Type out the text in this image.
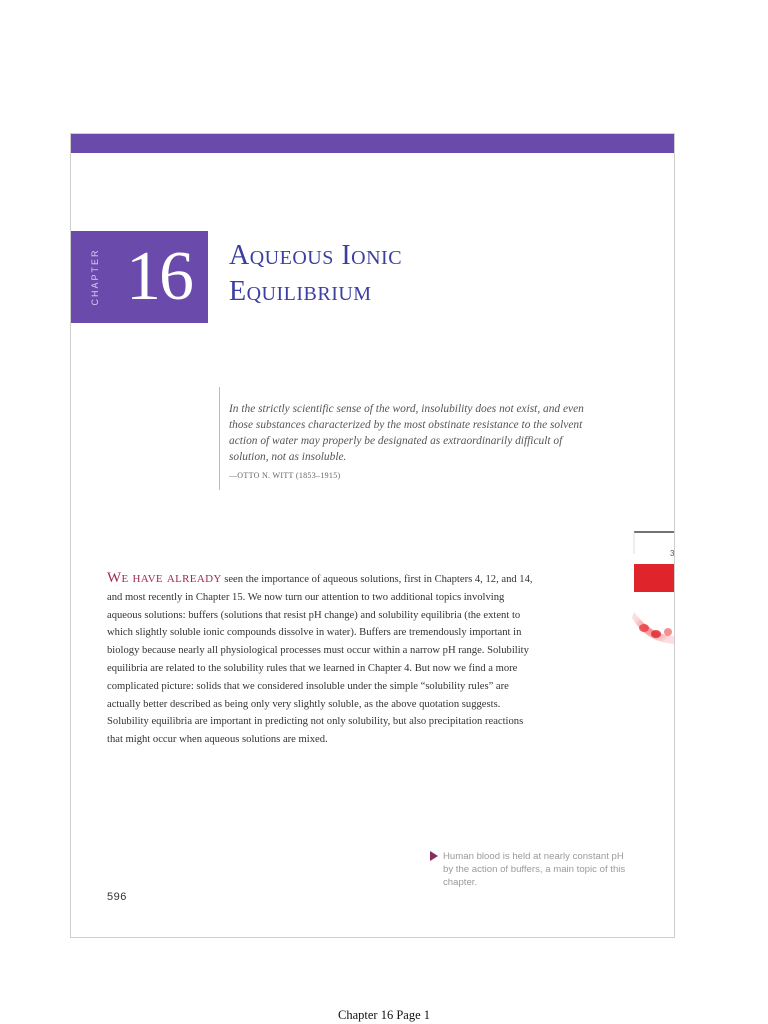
CHAPTER 16 Aqueous Ionic
Equilibrium

In the strictly scientific sense of the word, insolubility does not exist, and even those substances characterized by the most obstinate resistance to the solvent action of water may properly be designated as extraordinarily difficult of solution, not as insoluble.

—OTTO N. WITT (1853–1915)
3
We have already seen the importance of aqueous solutions, first in Chapters 4, 12, and 14, and most recently in Chapter 15. We now turn our attention to two additional topics involving aqueous solutions: buffers (solutions that resist pH change) and solubility equilibria (the extent to which slightly soluble ionic compounds dissolve in water). Buffers are tremendously important in biology because nearly all physiological processes must occur within a narrow pH range. Solubility equilibria are related to the solubility rules that we learned in Chapter 4. But now we find a more complicated picture: solids that we considered insoluble under the simple “solubility rules” are actually better described as being only very slightly soluble, as the above quotation suggests. Solubility equilibria are important in predicting not only solubility, but also precipitation reactions that might occur when aqueous solutions are mixed.
Human blood is held at nearly constant pH by the action of buffers, a main topic of this chapter.
596
Chapter 16 Page 1
